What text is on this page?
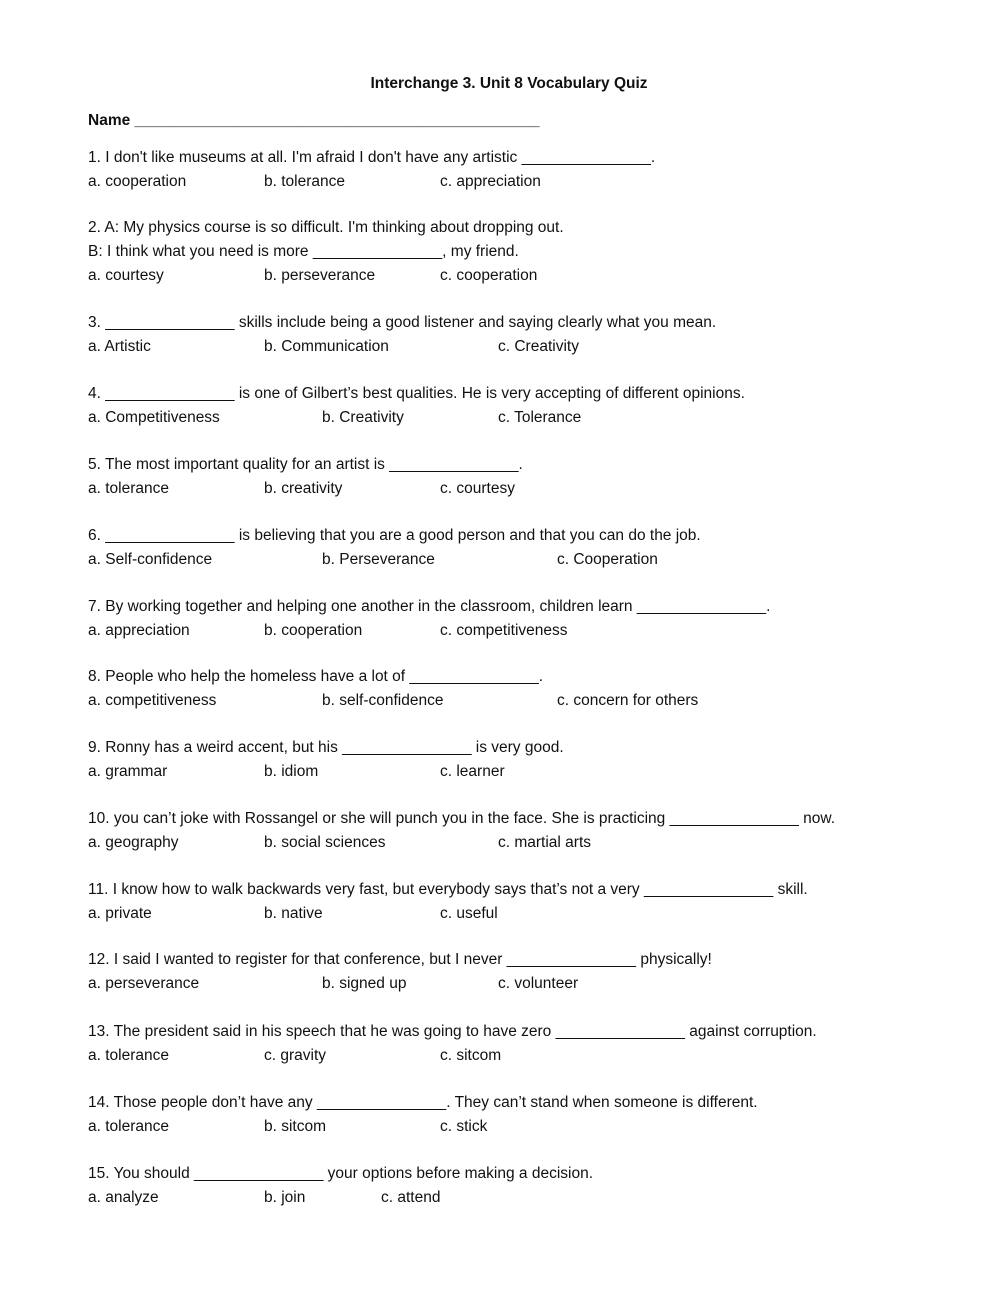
Interchange 3. Unit 8 Vocabulary Quiz
Name _______________________________________________
1. I don't like museums at all. I'm afraid I don't have any artistic _______________.
a. cooperation	b. tolerance	c. appreciation
2. A: My physics course is so difficult. I'm thinking about dropping out.
B: I think what you need is more _______________, my friend.
a. courtesy	b. perseverance	c. cooperation
3. _______________ skills include being a good listener and saying clearly what you mean.
a. Artistic	b. Communication	c. Creativity
4. _______________ is one of Gilbert’s best qualities. He is very accepting of different opinions.
a. Competitiveness	b. Creativity	c. Tolerance
5. The most important quality for an artist is _______________.
a. tolerance	b. creativity	c. courtesy
6. _______________ is believing that you are a good person and that you can do the job.
a. Self-confidence	b. Perseverance	c. Cooperation
7. By working together and helping one another in the classroom, children learn _______________.
a. appreciation	b. cooperation	c. competitiveness
8. People who help the homeless have a lot of _______________.
a. competitiveness	b. self-confidence	c. concern for others
9. Ronny has a weird accent, but his _______________ is very good.
a. grammar	b. idiom	c. learner
10. you can’t joke with Rossangel or she will punch you in the face. She is practicing _______________ now.
a. geography	b. social sciences	c. martial arts
11. I know how to walk backwards very fast, but everybody says that’s not a very _______________ skill.
a. private	b. native	c. useful
12. I said I wanted to register for that conference, but I never _______________ physically!
a. perseverance	b. signed up	c. volunteer
13. The president said in his speech that he was going to have zero _______________ against corruption.
a. tolerance	c. gravity	c. sitcom
14. Those people don’t have any _______________. They can’t stand when someone is different.
a. tolerance	b. sitcom	c. stick
15. You should _______________ your options before making a decision.
a. analyze	b. join	c. attend
